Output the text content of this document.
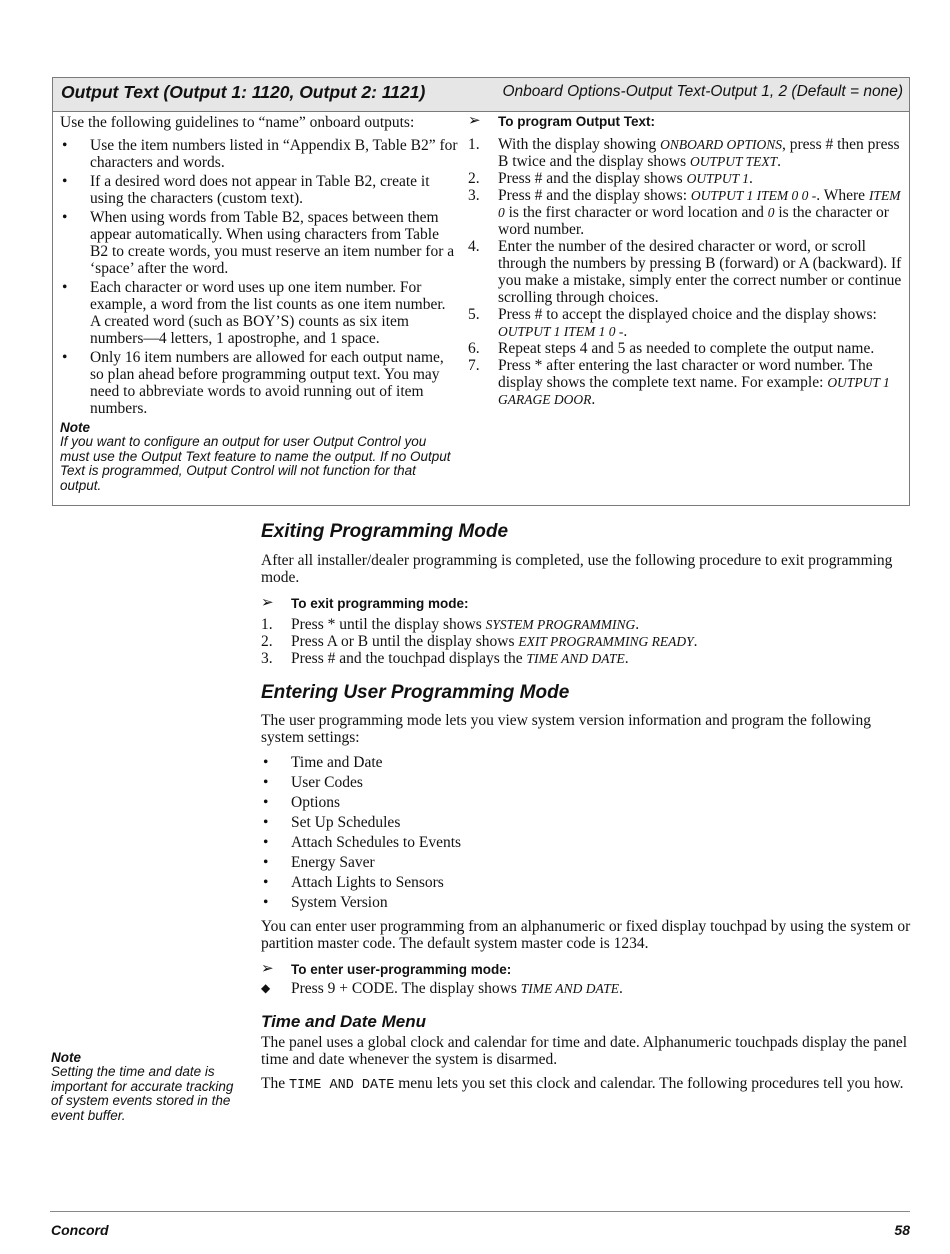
Output Text (Output 1: 1120, Output 2: 1121)	Onboard Options-Output Text-Output 1, 2 (Default = none)
Use the following guidelines to “name” onboard outputs:
• Use the item numbers listed in “Appendix B, Table B2” for characters and words.
• If a desired word does not appear in Table B2, create it using the characters (custom text).
• When using words from Table B2, spaces between them appear automatically. When using characters from Table B2 to create words, you must reserve an item number for a ‘space’ after the word.
• Each character or word uses up one item number. For example, a word from the list counts as one item number. A created word (such as BOY’S) counts as six item numbers—4 letters, 1 apostrophe, and 1 space.
• Only 16 item numbers are allowed for each output name, so plan ahead before programming output text. You may need to abbreviate words to avoid running out of item numbers.
Note
If you want to configure an output for user Output Control you must use the Output Text feature to name the output. If no Output Text is programmed, Output Control will not function for that output.
➢ To program Output Text:
1. With the display showing ONBOARD OPTIONS, press # then press B twice and the display shows OUTPUT TEXT.
2. Press # and the display shows OUTPUT 1.
3. Press # and the display shows: OUTPUT 1 ITEM 0 0 -. Where ITEM 0 is the first character or word location and 0 is the character or word number.
4. Enter the number of the desired character or word, or scroll through the numbers by pressing B (forward) or A (backward). If you make a mistake, simply enter the correct number or continue scrolling through choices.
5. Press # to accept the displayed choice and the display shows: OUTPUT 1 ITEM 1 0 -.
6. Repeat steps 4 and 5 as needed to complete the output name.
7. Press * after entering the last character or word number. The display shows the complete text name. For example: OUTPUT 1 GARAGE DOOR.
Exiting Programming Mode
After all installer/dealer programming is completed, use the following procedure to exit programming mode.
➢ To exit programming mode:
1. Press * until the display shows SYSTEM PROGRAMMING.
2. Press A or B until the display shows EXIT PROGRAMMING READY.
3. Press # and the touchpad displays the TIME AND DATE.
Entering User Programming Mode
The user programming mode lets you view system version information and program the following system settings:
• Time and Date
• User Codes
• Options
• Set Up Schedules
• Attach Schedules to Events
• Energy Saver
• Attach Lights to Sensors
• System Version
You can enter user programming from an alphanumeric or fixed display touchpad by using the system or partition master code. The default system master code is 1234.
➢ To enter user-programming mode:
◆ Press 9 + CODE. The display shows TIME AND DATE.
Time and Date Menu
The panel uses a global clock and calendar for time and date. Alphanumeric touchpads display the panel time and date whenever the system is disarmed.
The TIME AND DATE menu lets you set this clock and calendar. The following procedures tell you how.
Note
Setting the time and date is important for accurate tracking of system events stored in the event buffer.
Concord	58
